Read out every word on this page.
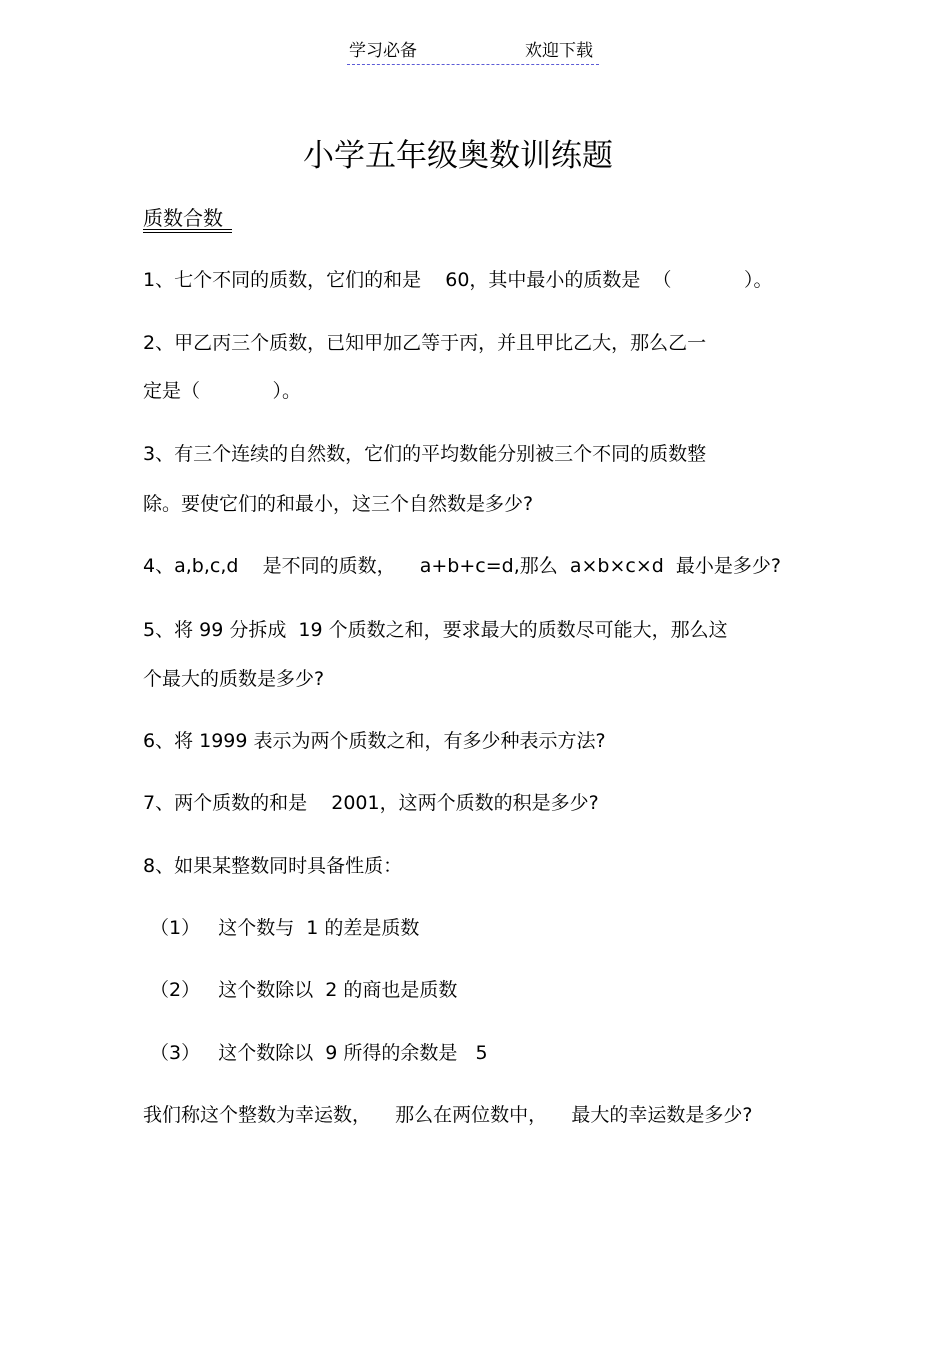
学习必备	欢迎下载
小学五年级奥数训练题
质数合数
1、七个不同的质数，它们的和是    60，其中最小的质数是  （            ）。
2、甲乙丙三个质数，已知甲加乙等于丙，并且甲比乙大，那么乙一
定是（            ）。
3、有三个连续的自然数，它们的平均数能分别被三个不同的质数整
除。要使它们的和最小，这三个自然数是多少?
4、a,b,c,d    是不同的质数，    a+b+c=d,那么  a×b×c×d  最小是多少?
5、将 99 分拆成  19 个质数之和，要求最大的质数尽可能大，那么这
个最大的质数是多少?
6、将 1999 表示为两个质数之和，有多少种表示方法?
7、两个质数的和是    2001，这两个质数的积是多少?
8、如果某整数同时具备性质：
（1）   这个数与  1 的差是质数
（2）   这个数除以  2 的商也是质数
（3）   这个数除以  9 所得的余数是   5
我们称这个整数为幸运数，    那么在两位数中，    最大的幸运数是多少?
